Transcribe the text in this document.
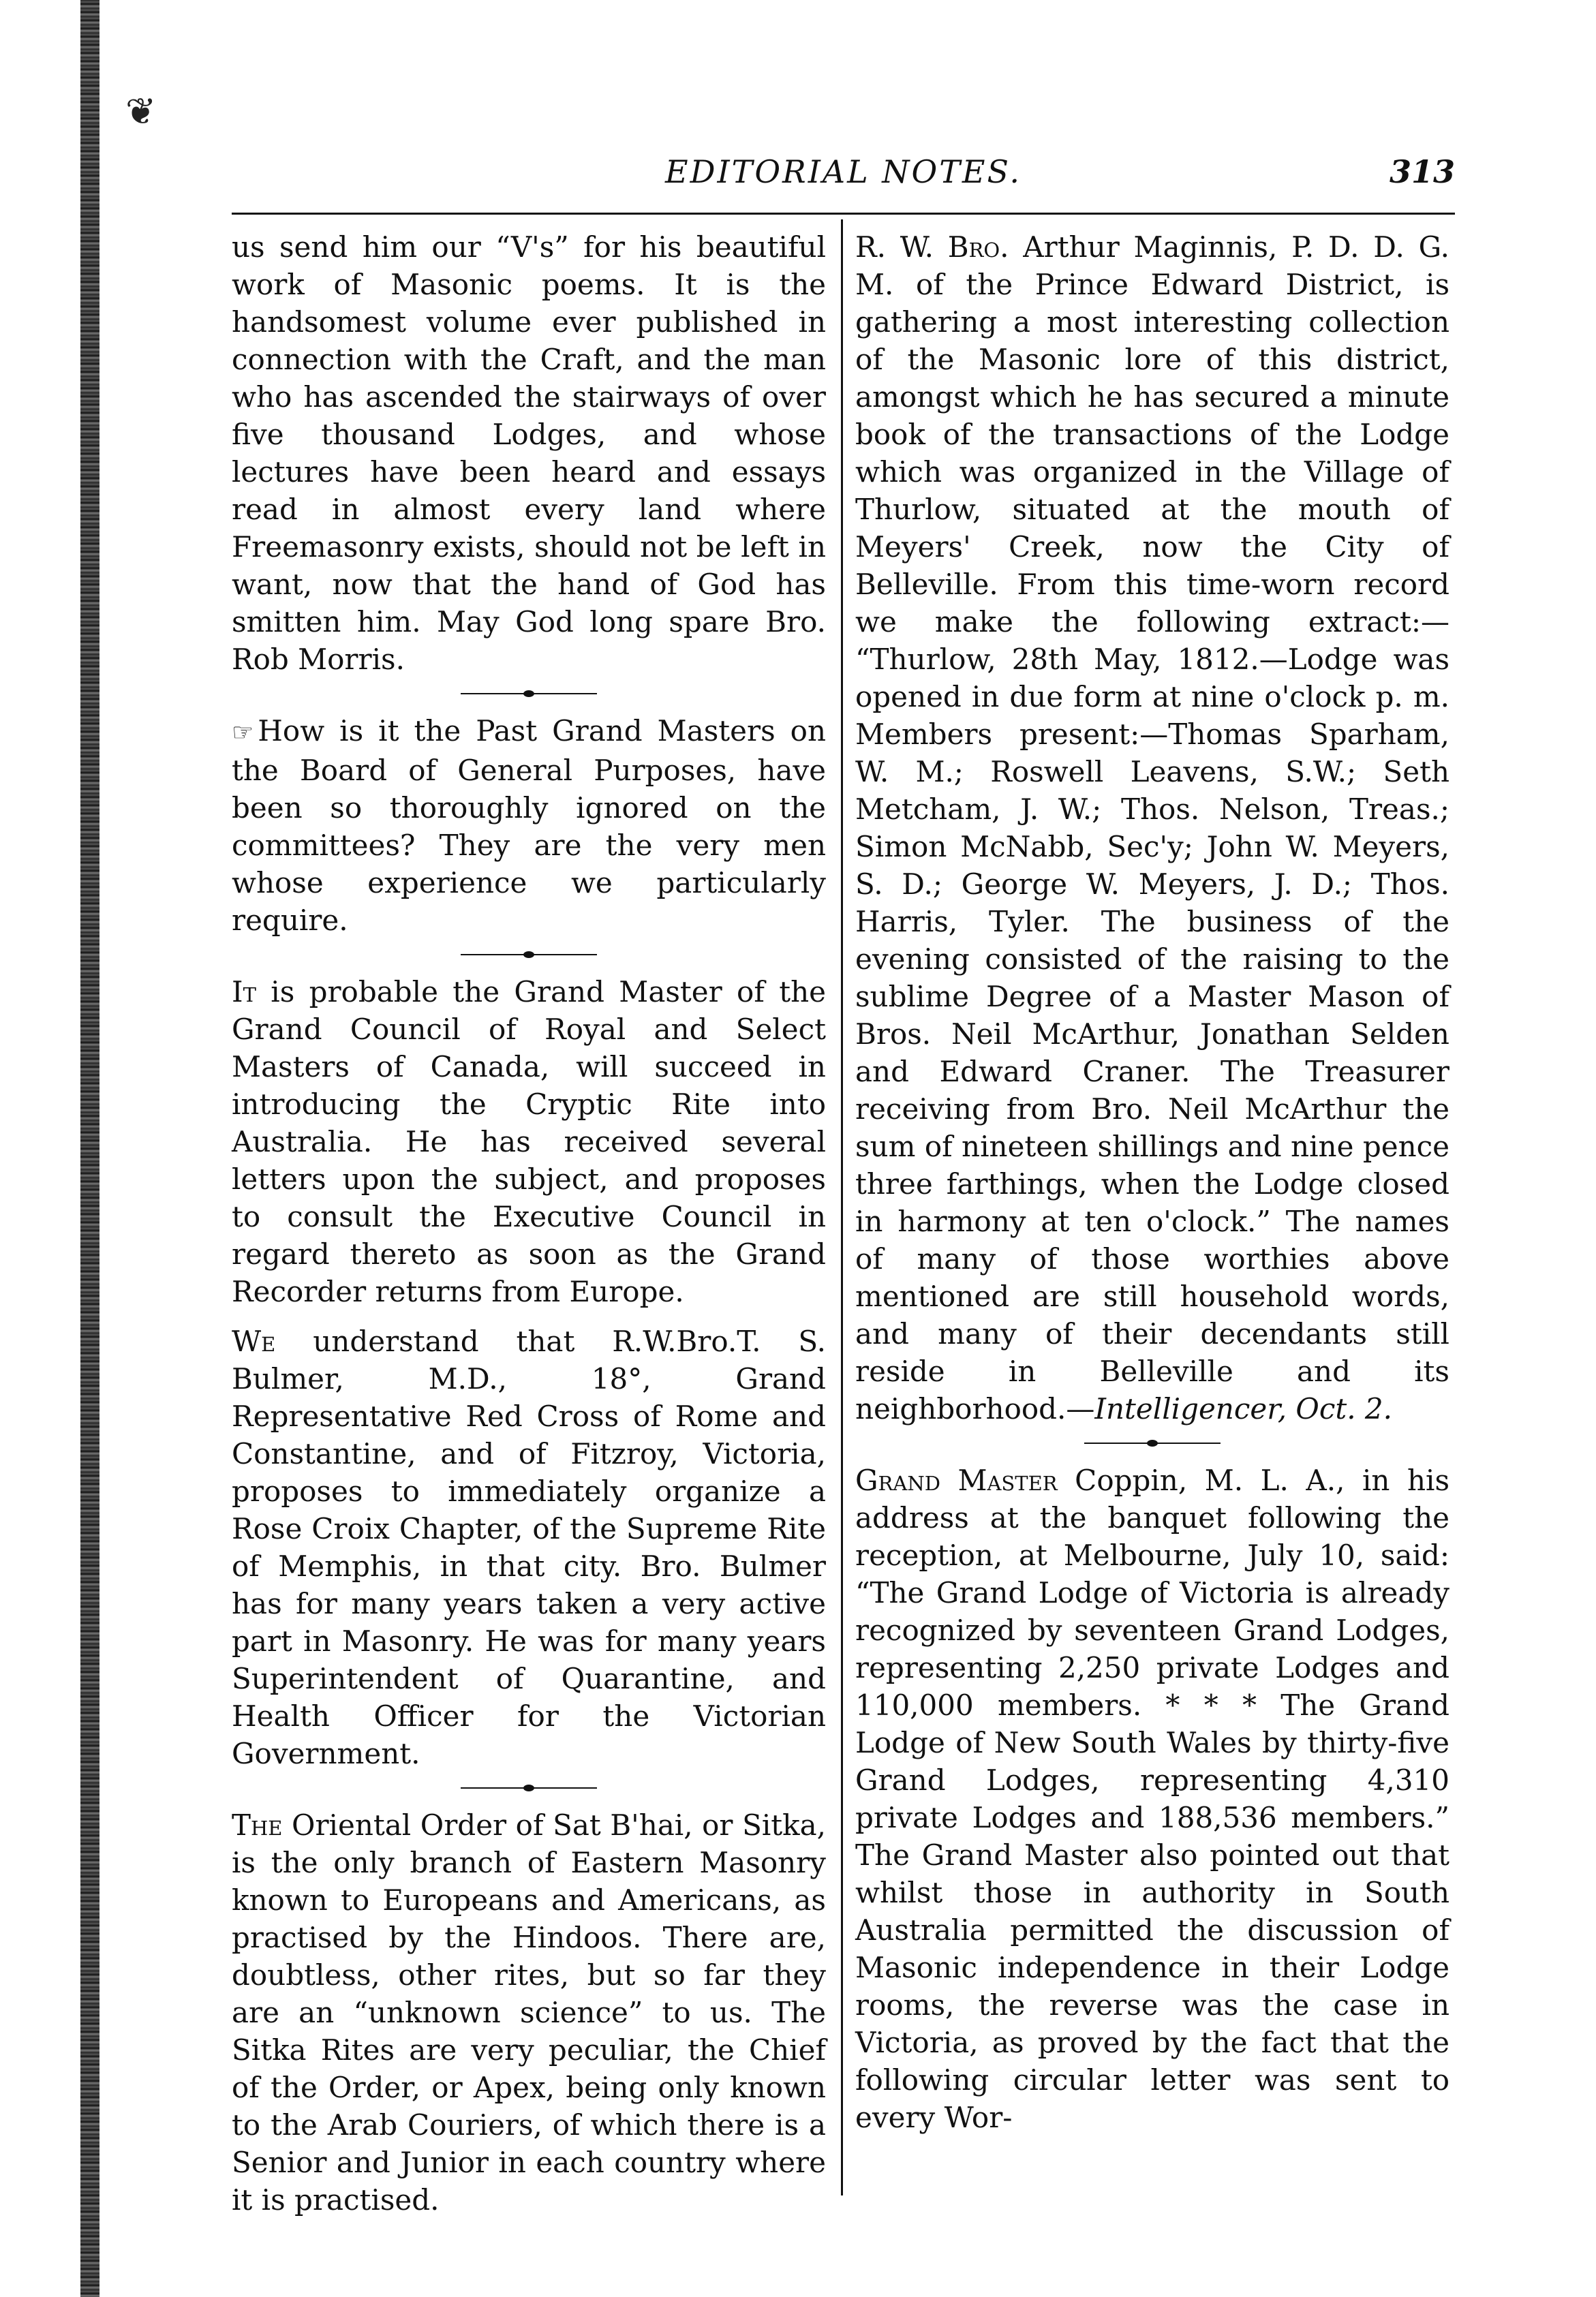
❦
EDITORIAL NOTES.	313

us send him our “V's” for his beautiful work of Masonic poems. It is the handsomest volume ever published in connection with the Craft, and the man who has ascended the stairways of over five thousand Lodges, and whose lectures have been heard and essays read in almost every land where Freemasonry exists, should not be left in want, now that the hand of God has smitten him. May God long spare Bro. Rob Morris.

☞ How is it the Past Grand Masters on the Board of General Purposes, have been so thoroughly ignored on the committees? They are the very men whose experience we particularly require.

It is probable the Grand Master of the Grand Council of Royal and Select Masters of Canada, will succeed in introducing the Cryptic Rite into Australia. He has received several letters upon the subject, and proposes to consult the Executive Council in regard thereto as soon as the Grand Recorder returns from Europe.

We understand that R.W.Bro.T. S. Bulmer, M.D., 18°, Grand Representative Red Cross of Rome and Constantine, and of Fitzroy, Victoria, proposes to immediately organize a Rose Croix Chapter, of the Supreme Rite of Memphis, in that city. Bro. Bulmer has for many years taken a very active part in Masonry. He was for many years Superintendent of Quarantine, and Health Officer for the Victorian Government.

The Oriental Order of Sat B'hai, or Sitka, is the only branch of Eastern Masonry known to Europeans and Americans, as practised by the Hindoos. There are, doubtless, other rites, but so far they are an “unknown science” to us. The Sitka Rites are very peculiar, the Chief of the Order, or Apex, being only known to the Arab Couriers, of which there is a Senior and Junior in each country where it is practised.

R. W. Bro. Arthur Maginnis, P. D. D. G. M. of the Prince Edward District, is gathering a most interesting collection of the Masonic lore of this district, amongst which he has secured a minute book of the transactions of the Lodge which was organized in the Village of Thurlow, situated at the mouth of Meyers' Creek, now the City of Belleville. From this time-worn record we make the following extract:— “Thurlow, 28th May, 1812.—Lodge was opened in due form at nine o'clock p. m. Members present:—Thomas Sparham, W. M.; Roswell Leavens, S.W.; Seth Metcham, J. W.; Thos. Nelson, Treas.; Simon McNabb, Sec'y; John W. Meyers, S. D.; George W. Meyers, J. D.; Thos. Harris, Tyler. The business of the evening consisted of the raising to the sublime Degree of a Master Mason of Bros. Neil McArthur, Jonathan Selden and Edward Craner. The Treasurer receiving from Bro. Neil McArthur the sum of nineteen shillings and nine pence three farthings, when the Lodge closed in harmony at ten o'clock.” The names of many of those worthies above mentioned are still household words, and many of their decendants still reside in Belleville and its neighborhood.—Intelligencer, Oct. 2.

Grand Master Coppin, M. L. A., in his address at the banquet following the reception, at Melbourne, July 10, said: “The Grand Lodge of Victoria is already recognized by seventeen Grand Lodges, representing 2,250 private Lodges and 110,000 members. * * * The Grand Lodge of New South Wales by thirty-five Grand Lodges, representing 4,310 private Lodges and 188,536 members.” The Grand Master also pointed out that whilst those in authority in South Australia permitted the discussion of Masonic independence in their Lodge rooms, the reverse was the case in Victoria, as proved by the fact that the following circular letter was sent to every Wor-
